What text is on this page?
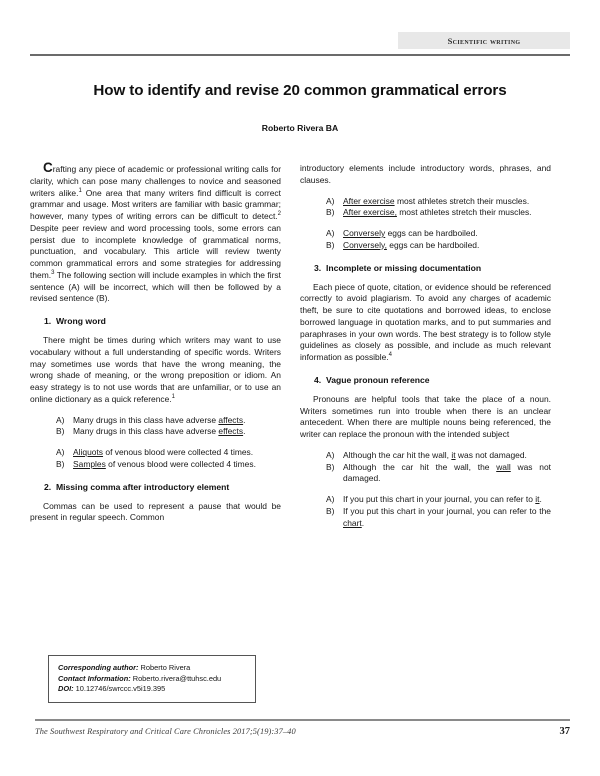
Scientific writing
How to identify and revise 20 common grammatical errors
Roberto Rivera BA

Crafting any piece of academic or professional writing calls for clarity, which can pose many challenges to novice and seasoned writers alike.$^1$ One area that many writers find difficult is correct grammar and usage. Most writers are familiar with basic grammar; however, many types of writing errors can be difficult to detect.$^2$ Despite peer review and word processing tools, some errors can persist due to incomplete knowledge of grammatical norms, punctuation, and vocabulary. This article will review twenty common grammatical errors and some strategies for addressing them.$^3$ The following section will include examples in which the first sentence (A) will be incorrect, which will then be followed by a revised sentence (B).

1. Wrong word

There might be times during which writers may want to use vocabulary without a full understanding of specific words. Writers may sometimes use words that have the wrong meaning, the wrong shade of meaning, or the wrong preposition or idiom. An easy strategy is to not use words that are unfamiliar, or to use an online dictionary as a quick reference.$^1$

A) Many drugs in this class have adverse affects.
B) Many drugs in this class have adverse effects.
A) Aliquots of venous blood were collected 4 times.
B) Samples of venous blood were collected 4 times.
2. Missing comma after introductory element

Commas can be used to represent a pause that would be present in regular speech. Common

introductory elements include introductory words, phrases, and clauses.

A) After exercise most athletes stretch their muscles.
B) After exercise, most athletes stretch their muscles.
A) Conversely eggs can be hardboiled.
B) Conversely, eggs can be hardboiled.
3. Incomplete or missing documentation

Each piece of quote, citation, or evidence should be referenced correctly to avoid plagiarism. To avoid any charges of academic theft, be sure to cite quotations and borrowed ideas, to enclose borrowed language in quotation marks, and to put summaries and paraphrases in your own words. The best strategy is to follow style guidelines as closely as possible, and include as much relevant information as possible.$^4$

4. Vague pronoun reference

Pronouns are helpful tools that take the place of a noun. Writers sometimes run into trouble when there is an unclear antecedent. When there are multiple nouns being referenced, the writer can replace the pronoun with the intended subject

A) Although the car hit the wall, it was not damaged.
B) Although the car hit the wall, the wall was not damaged.
A) If you put this chart in your journal, you can refer to it.
B) If you put this chart in your journal, you can refer to the chart.
Corresponding author: Roberto Rivera
Contact Information: Roberto.rivera@ttuhsc.edu
DOI: 10.12746/swrccc.v5i19.395
The Southwest Respiratory and Critical Care Chronicles 2017;5(19):37–40	37
